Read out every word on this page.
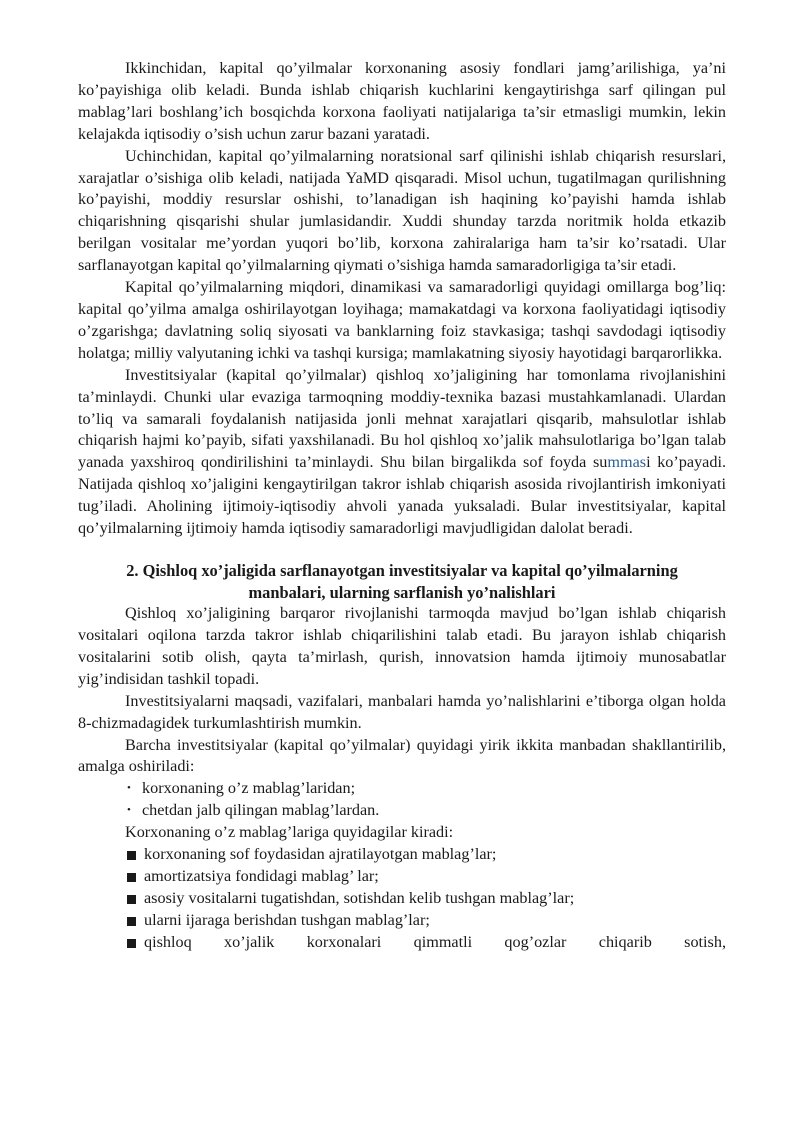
Ikkinchidan, kapital qo’yilmalar korxonaning asosiy fondlari jamg’arilishiga, ya’ni ko’payishiga olib keladi. Bunda ishlab chiqarish kuchlarini kengaytirishga sarf qilingan pul mablag’lari boshlang’ich bosqichda korxona faoliyati natijalariga ta’sir etmasligi mumkin, lekin kelajakda iqtisodiy o’sish uchun zarur bazani yaratadi.

Uchinchidan, kapital qo’yilmalarning noratsional sarf qilinishi ishlab chiqarish resurslari, xarajatlar o’sishiga olib keladi, natijada YaMD qisqaradi. Misol uchun, tugatilmagan qurilishning ko’payishi, moddiy resurslar oshishi, to’lanadigan ish haqining ko’payishi hamda ishlab chiqarishning qisqarishi shular jumlasidandir. Xuddi shunday tarzda noritmik holda etkazib berilgan vositalar me’yordan yuqori bo’lib, korxona zahiralariga ham ta’sir ko’rsatadi. Ular sarflanayotgan kapital qo’yilmalarning qiymati o’sishiga hamda samaradorligiga ta’sir etadi.

Kapital qo’yilmalarning miqdori, dinamikasi va samaradorligi quyidagi omillarga bog’liq: kapital qo’yilma amalga oshirilayotgan loyihaga; mamakatdagi va korxona faoliyatidagi iqtisodiy o’zgarishga; davlatning soliq siyosati va banklarning foiz stavkasiga; tashqi savdodagi iqtisodiy holatga; milliy valyutaning ichki va tashqi kursiga; mamlakatning siyosiy hayotidagi barqarorlikka.

Investitsiyalar (kapital qo’yilmalar) qishloq xo’jaligining har tomonlama rivojlanishini ta’minlaydi. Chunki ular evaziga tarmoqning moddiy-texnika bazasi mustahkamlanadi. Ulardan to’liq va samarali foydalanish natijasida jonli mehnat xarajatlari qisqarib, mahsulotlar ishlab chiqarish hajmi ko’payib, sifati yaxshilanadi. Bu hol qishloq xo’jalik mahsulotlariga bo’lgan talab yanada yaxshiroq qondirilishini ta’minlaydi. Shu bilan birgalikda sof foyda summasi ko’payadi. Natijada qishloq xo’jaligini kengaytirilgan takror ishlab chiqarish asosida rivojlantirish imkoniyati tug’iladi. Aholining ijtimoiy-iqtisodiy ahvoli yanada yuksaladi. Bular investitsiyalar, kapital qo’yilmalarning ijtimoiy hamda iqtisodiy samaradorligi mavjudligidan dalolat beradi.

2. Qishloq xo’jaligida sarflanayotgan investitsiyalar va kapital qo’yilmalarning
manbalari, ularning sarflanish yo’nalishlari

Qishloq xo’jaligining barqaror rivojlanishi tarmoqda mavjud bo’lgan ishlab chiqarish vositalari oqilona tarzda takror ishlab chiqarilishini talab etadi. Bu jarayon ishlab chiqarish vositalarini sotib olish, qayta ta’mirlash, qurish, innovatsion hamda ijtimoiy munosabatlar yig’indisidan tashkil topadi.

Investitsiyalarni maqsadi, vazifalari, manbalari hamda yo’nalishlarini e’tiborga olgan holda 8-chizmadagidek turkumlashtirish mumkin.

Barcha investitsiyalar (kapital qo’yilmalar) quyidagi yirik ikkita manbadan shakllantirilib, amalga oshiriladi:

• korxonaning o’z mablag’laridan;
• chetdan jalb qilingan mablag’lardan.

Korxonaning o’z mablag’lariga quyidagilar kiradi:

korxonaning sof foydasidan ajratilayotgan mablag’lar;
amortizatsiya fondidagi mablag’ lar;
asosiy vositalarni tugatishdan, sotishdan kelib tushgan mablag’lar;
ularni ijaraga berishdan tushgan mablag’lar;
qishloq xo’jalik korxonalari qimmatli qog’ozlar chiqarib sotish,
